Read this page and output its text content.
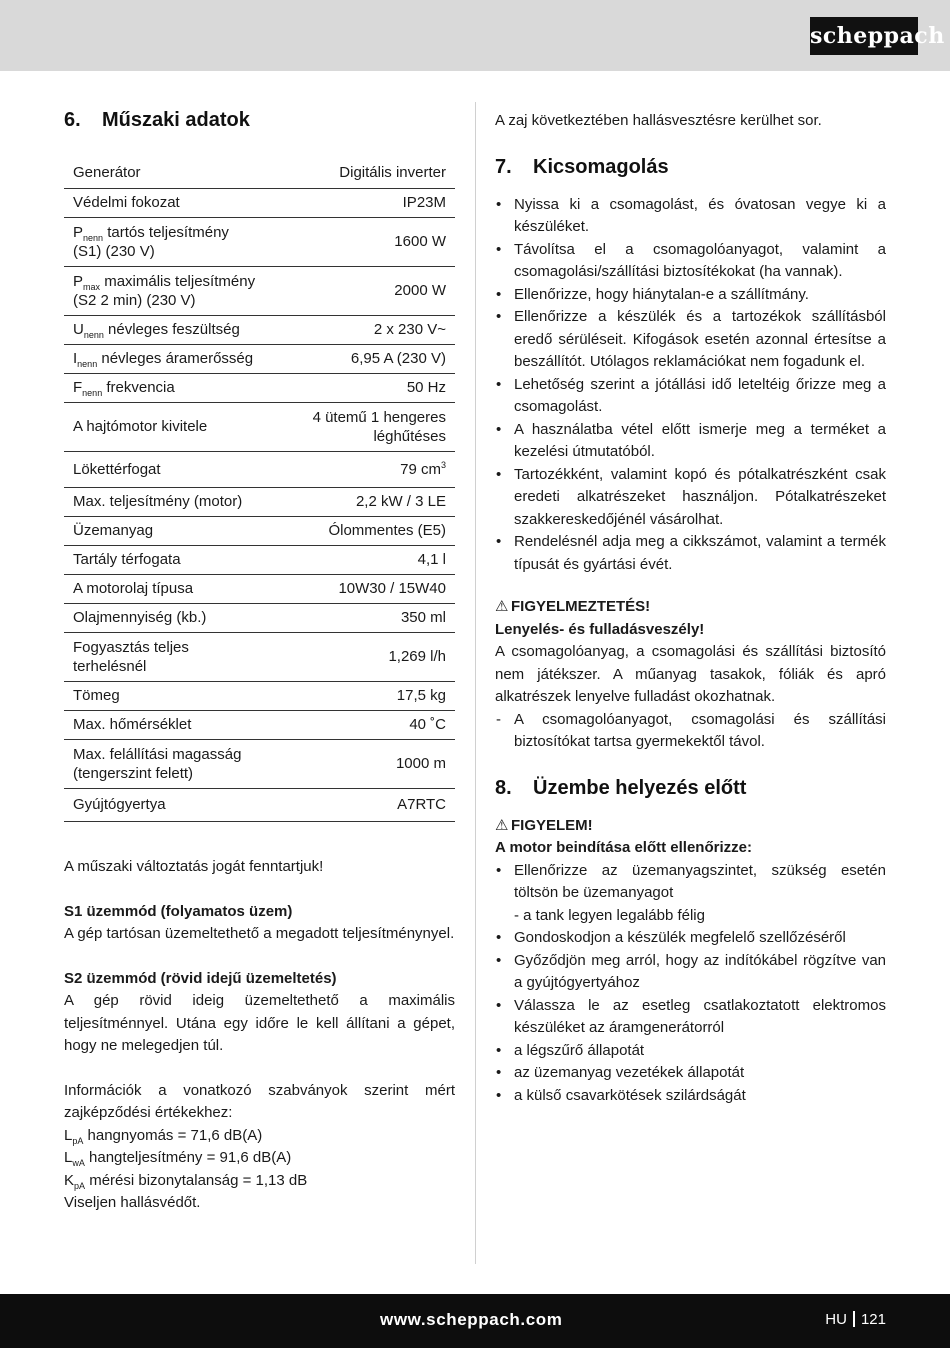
scheppach
6. Műszaki adatok
Generátor	Digitális inverter
Védelmi fokozat	IP23M
$P_{nenn}$ tartós teljesítmény
(S1) (230 V)	1600 W
$P_{max}$ maximális teljesítmény
(S2 2 min) (230 V)	2000 W
$U_{nenn}$ névleges feszültség	2 x 230 V~
$I_{nenn}$ névleges áramerősség	6,95 A (230 V)
$F_{nenn}$ frekvencia	50 Hz
A hajtómotor kivitele	4 ütemű 1 hengeres
léghűtéses
Lökettérfogat	79 $cm^3$
Max. teljesítmény (motor)	2,2 kW / 3 LE
Üzemanyag	Ólommentes (E5)
Tartály térfogata	4,1 l
A motorolaj típusa	10W30 / 15W40
Olajmennyiség (kb.)	350 ml
Fogyasztás teljes
terhelésnél	1,269 l/h
Tömeg	17,5 kg
Max. hőmérséklet	40 ˚C
Max. felállítási magasság
(tengerszint felett)	1000 m
Gyújtógyertya	A7RTC

A műszaki változtatás jogát fenntartjuk!

S1 üzemmód (folyamatos üzem)

A gép tartósan üzemeltethető a megadott teljesítménynyel.

S2 üzemmód (rövid idejű üzemeltetés)

A gép rövid ideig üzemeltethető a maximális teljesítménnyel. Utána egy időre le kell állítani a gépet, hogy ne melegedjen túl.

Információk a vonatkozó szabványok szerint mért zajképződési értékekhez:

$L_{pA}$ hangnyomás = 71,6 dB(A)
$L_{wA}$ hangteljesítmény = 91,6 dB(A)
$K_{pA}$ mérési bizonytalanság = 1,13 dB

Viseljen hallásvédőt.

A zaj következtében hallásvesztésre kerülhet sor.

7. Kicsomagolás
• Nyissa ki a csomagolást, és óvatosan vegye ki a készüléket.
• Távolítsa el a csomagolóanyagot, valamint a csomagolási/szállítási biztosítékokat (ha vannak).
• Ellenőrizze, hogy hiánytalan-e a szállítmány.
• Ellenőrizze a készülék és a tartozékok szállításból eredő sérüléseit. Kifogások esetén azonnal értesítse a beszállítót. Utólagos reklamációkat nem fogadunk el.
• Lehetőség szerint a jótállási idő leteltéig őrizze meg a csomagolást.
• A használatba vétel előtt ismerje meg a terméket a kezelési útmutatóból.
• Tartozékként, valamint kopó és pótalkatrészként csak eredeti alkatrészeket használjon. Pótalkatrészeket szakkereskedőjénél vásárolhat.
• Rendelésnél adja meg a cikkszámot, valamint a termék típusát és gyártási évét.

⚠ FIGYELMEZTETÉS!

Lenyelés- és fulladásveszély!

A csomagolóanyag, a csomagolási és szállítási biztosító nem játékszer. A műanyag tasakok, fóliák és apró alkatrészek lenyelve fulladást okozhatnak.

- A csomagolóanyagot, csomagolási és szállítási biztosítókat tartsa gyermekektől távol.
8. Üzembe helyezés előtt

⚠ FIGYELEM!

A motor beindítása előtt ellenőrizze:

• Ellenőrizze az üzemanyagszintet, szükség esetén töltsön be üzemanyagot
- a tank legyen legalább félig
• Gondoskodjon a készülék megfelelő szellőzéséről
• Győződjön meg arról, hogy az indítókábel rögzítve van a gyújtógyertyához
• Válassza le az esetleg csatlakoztatott elektromos készüléket az áramgenerátorról
• a légszűrő állapotát
• az üzemanyag vezetékek állapotát
• a külső csavarkötések szilárdságát
www.scheppach.com	HU 121
